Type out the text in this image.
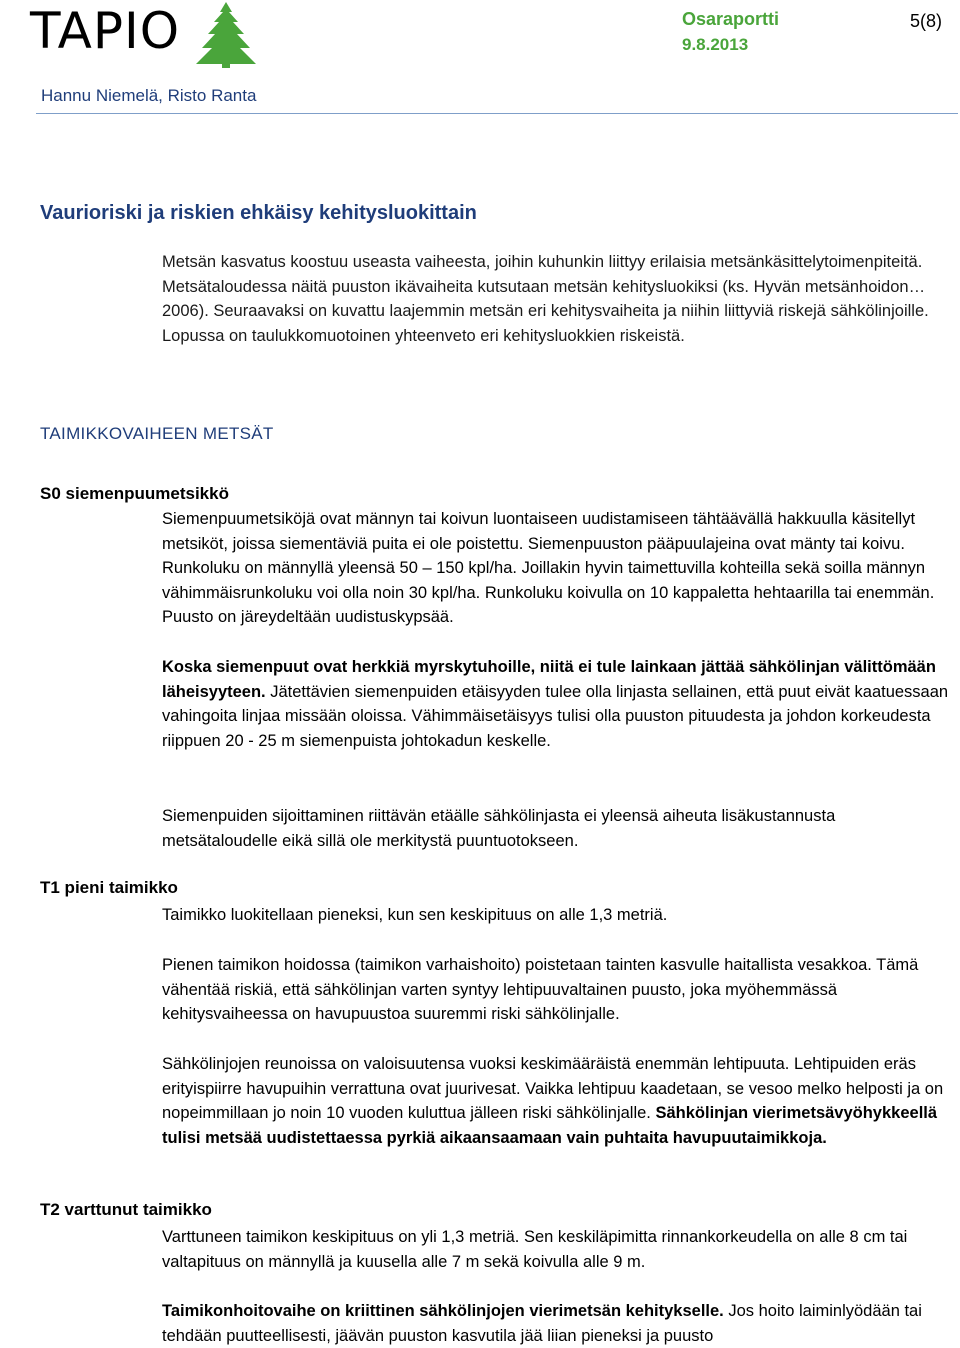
TAPIO	Osaraportti
9.8.2013
5(8)
Hannu Niemelä, Risto Ranta
Vaurioriski ja riskien ehkäisy kehitysluokittain
Metsän kasvatus koostuu useasta vaiheesta, joihin kuhunkin liittyy erilaisia metsänkäsittelytoimenpiteitä. Metsätaloudessa näitä puuston ikävaiheita kutsutaan metsän kehitysluokiksi (ks. Hyvän metsänhoidon… 2006). Seuraavaksi on kuvattu laajemmin metsän eri kehitysvaiheita ja niihin liittyviä riskejä sähkölinjoille. Lopussa on taulukkomuotoinen yhteenveto eri kehitysluokkien riskeistä.
TAIMIKKOVAIHEEN METSÄT
S0 siemenpuumetsikkö
Siemenpuumetsiköjä ovat männyn tai koivun luontaiseen uudistamiseen tähtäävällä hakkuulla käsitellyt metsiköt, joissa siementäviä puita ei ole poistettu. Siemenpuuston pääpuulajeina ovat mänty tai koivu. Runkoluku on männyllä yleensä 50 – 150 kpl/ha. Joillakin hyvin taimettuvilla kohteilla sekä soilla männyn vähimmäisrunkoluku voi olla noin 30 kpl/ha. Runkoluku koivulla on 10 kappaletta hehtaarilla tai enemmän. Puusto on järeydeltään uudistuskypsää.
Koska siemenpuut ovat herkkiä myrskytuhoille, niitä ei tule lainkaan jättää sähkölinjan välittömään läheisyyteen. Jätettävien siemenpuiden etäisyyden tulee olla linjasta sellainen, että puut eivät kaatuessaan vahingoita linjaa missään oloissa. Vähimmäisetäisyys tulisi olla puuston pituudesta ja johdon korkeudesta riippuen 20 - 25 m siemenpuista johtokadun keskelle.
Siemenpuiden sijoittaminen riittävän etäälle sähkölinjasta ei yleensä aiheuta lisäkustannusta metsätaloudelle eikä sillä ole merkitystä puuntuotokseen.
T1 pieni taimikko
Taimikko luokitellaan pieneksi, kun sen keskipituus on alle 1,3 metriä.
Pienen taimikon hoidossa (taimikon varhaishoito) poistetaan tainten kasvulle haitallista vesakkoa. Tämä vähentää riskiä, että sähkölinjan varten syntyy lehtipuuvaltainen puusto, joka myöhemmässä kehitysvaiheessa on havupuustoa suuremmi riski sähkölinjalle.
Sähkölinjojen reunoissa on valoisuutensa vuoksi keskimääräistä enemmän lehtipuuta. Lehtipuiden eräs erityispiirre havupuihin verrattuna ovat juurivesat. Vaikka lehtipuu kaadetaan, se vesoo melko helposti ja on nopeimmillaan jo noin 10 vuoden kuluttua jälleen riski sähkölinjalle. Sähkölinjan vierimetsävyöhykkeellä tulisi metsää uudistettaessa pyrkiä aikaansaamaan vain puhtaita havupuutaimikkoja.
T2 varttunut taimikko
Varttuneen taimikon keskipituus on yli 1,3 metriä. Sen keskiläpimitta rinnankorkeudella on alle 8 cm tai valtapituus on männyllä ja kuusella alle 7 m sekä koivulla alle 9 m.
Taimikonhoitovaihe on kriittinen sähkölinjojen vierimetsän kehitykselle. Jos hoito laiminlyödään tai tehdään puutteellisesti, jäävän puuston kasvutila jää liian pieneksi ja puusto
